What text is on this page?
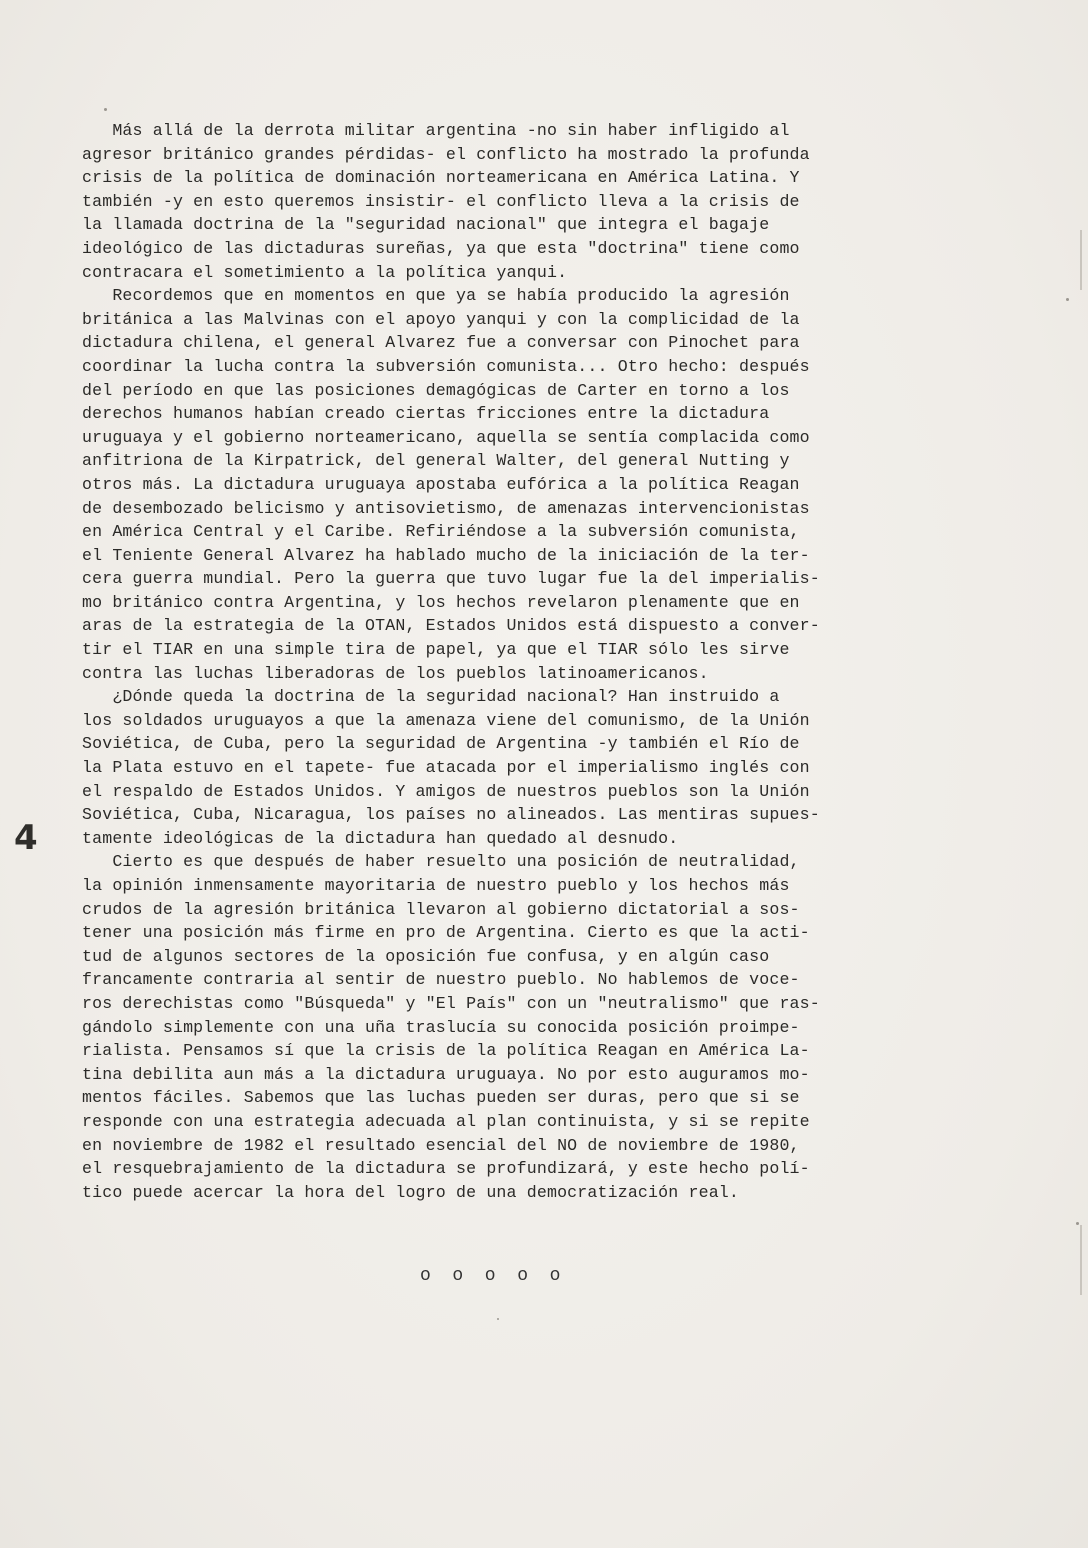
Más allá de la derrota militar argentina -no sin haber infligido al
agresor británico grandes pérdidas- el conflicto ha mostrado la profunda
crisis de la política de dominación norteamericana en América Latina. Y
también -y en esto queremos insistir- el conflicto lleva a la crisis de
la llamada doctrina de la "seguridad nacional" que integra el bagaje
ideológico de las dictaduras sureñas, ya que esta "doctrina" tiene como
contracara el sometimiento a la política yanqui.
Recordemos que en momentos en que ya se había producido la agresión
británica a las Malvinas con el apoyo yanqui y con la complicidad de la
dictadura chilena, el general Alvarez fue a conversar con Pinochet para
coordinar la lucha contra la subversión comunista... Otro hecho: después
del período en que las posiciones demagógicas de Carter en torno a los
derechos humanos habían creado ciertas fricciones entre la dictadura
uruguaya y el gobierno norteamericano, aquella se sentía complacida como
anfitriona de la Kirpatrick, del general Walter, del general Nutting y
otros más. La dictadura uruguaya apostaba eufórica a la política Reagan
de desembozado belicismo y antisovietismo, de amenazas intervencionistas
en América Central y el Caribe. Refiriéndose a la subversión comunista,
el Teniente General Alvarez ha hablado mucho de la iniciación de la ter-
cera guerra mundial. Pero la guerra que tuvo lugar fue la del imperialis-
mo británico contra Argentina, y los hechos revelaron plenamente que en
aras de la estrategia de la OTAN, Estados Unidos está dispuesto a conver-
tir el TIAR en una simple tira de papel, ya que el TIAR sólo les sirve
contra las luchas liberadoras de los pueblos latinoamericanos.
¿Dónde queda la doctrina de la seguridad nacional? Han instruido a
los soldados uruguayos a que la amenaza viene del comunismo, de la Unión
Soviética, de Cuba, pero la seguridad de Argentina -y también el Río de
la Plata estuvo en el tapete- fue atacada por el imperialismo inglés con
el respaldo de Estados Unidos. Y amigos de nuestros pueblos son la Unión
Soviética, Cuba, Nicaragua, los países no alineados. Las mentiras supues-
tamente ideológicas de la dictadura han quedado al desnudo.
Cierto es que después de haber resuelto una posición de neutralidad,
la opinión inmensamente mayoritaria de nuestro pueblo y los hechos más
crudos de la agresión británica llevaron al gobierno dictatorial a sos-
tener una posición más firme en pro de Argentina. Cierto es que la acti-
tud de algunos sectores de la oposición fue confusa, y en algún caso
francamente contraria al sentir de nuestro pueblo. No hablemos de voce-
ros derechistas como "Búsqueda" y "El País" con un "neutralismo" que ras-
gándolo simplemente con una uña traslucía su conocida posición proimpe-
rialista. Pensamos sí que la crisis de la política Reagan en América La-
tina debilita aun más a la dictadura uruguaya. No por esto auguramos mo-
mentos fáciles. Sabemos que las luchas pueden ser duras, pero que si se
responde con una estrategia adecuada al plan continuista, y si se repite
en noviembre de 1982 el resultado esencial del NO de noviembre de 1980,
el resquebrajamiento de la dictadura se profundizará, y este hecho polí-
tico puede acercar la hora del logro de una democratización real.
4
o  o  o  o  o
